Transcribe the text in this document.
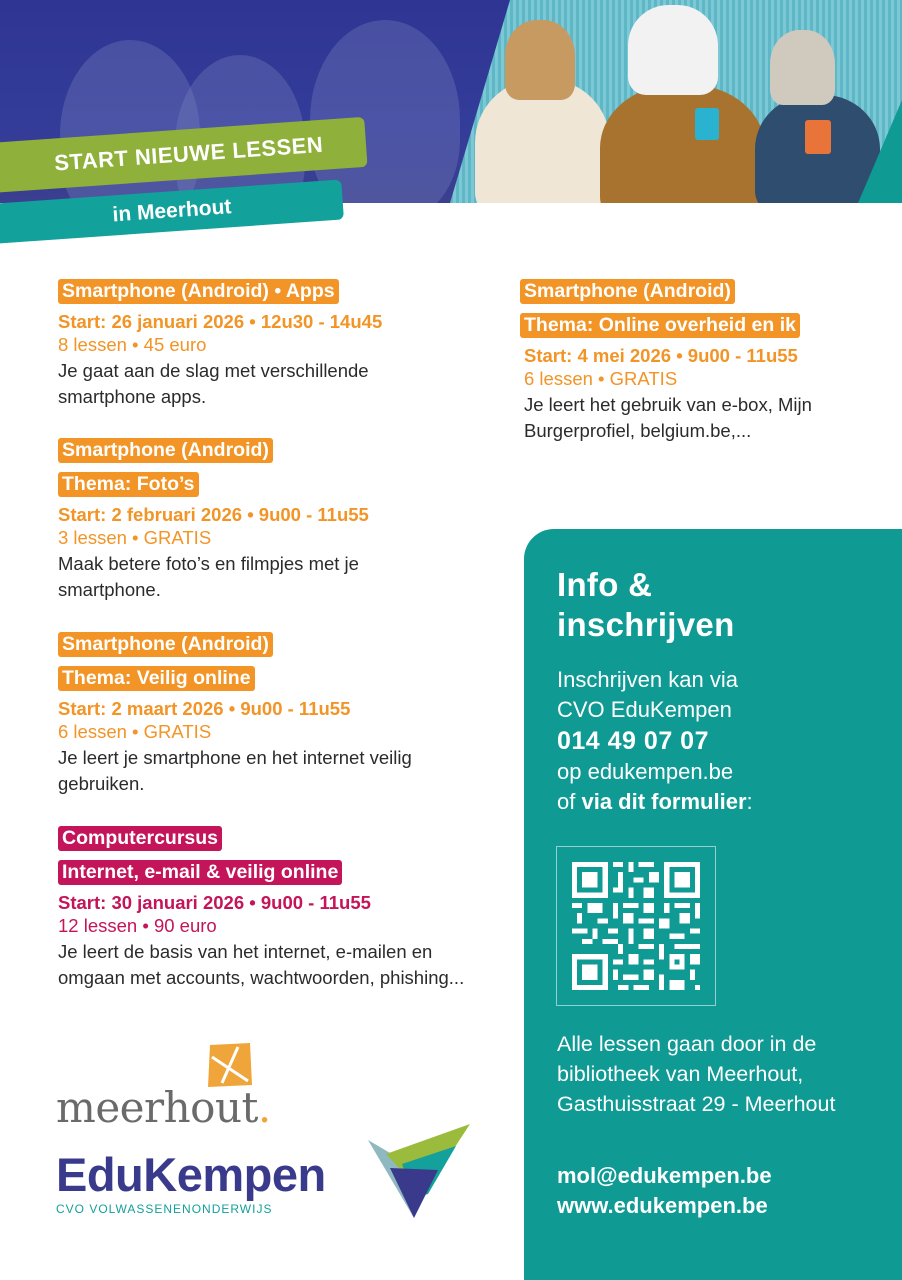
START NIEUWE LESSEN
in Meerhout
Smartphone (Android) • Apps
Start: 26 januari 2026 • 12u30 - 14u45
8 lessen • 45 euro
Je gaat aan de slag met verschillende smartphone apps.
Smartphone (Android)
Thema: Foto’s
Start: 2 februari 2026 • 9u00 - 11u55
3 lessen • GRATIS
Maak betere foto’s en filmpjes met je smartphone.
Smartphone (Android)
Thema: Veilig online
Start: 2 maart 2026 • 9u00 - 11u55
6 lessen • GRATIS
Je leert je smartphone en het internet veilig gebruiken.
Computercursus
Internet, e-mail & veilig online
Start: 30 januari 2026 • 9u00 - 11u55
12 lessen • 90 euro
Je leert de basis van het internet, e-mailen en omgaan met accounts, wachtwoorden, phishing...
Smartphone (Android)
Thema: Online overheid en ik
Start: 4 mei 2026 • 9u00 - 11u55
6 lessen • GRATIS
Je leert het gebruik van e-box, Mijn Burgerprofiel, belgium.be,...
Info &
inschrijven
Inschrijven kan via
CVO EduKempen
014 49 07 07
op edukempen.be
of via dit formulier:
Alle lessen gaan door in de
bibliotheek van Meerhout,
Gasthuisstraat 29 - Meerhout
mol@edukempen.be
www.edukempen.be
meerhout.
EduKempen
CVO VOLWASSENENONDERWIJS
